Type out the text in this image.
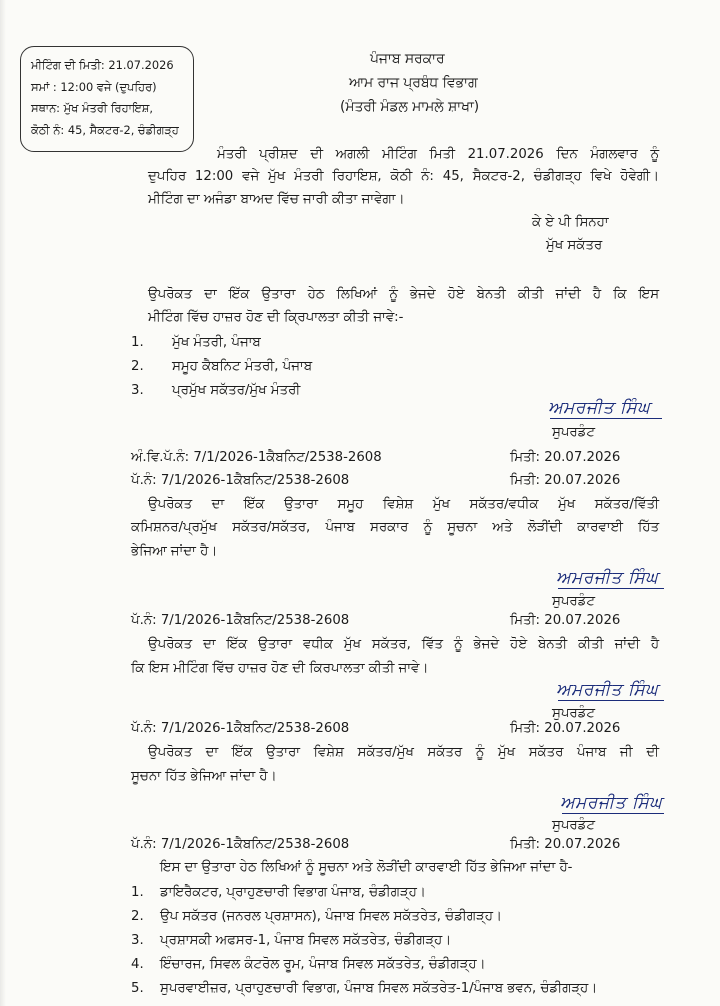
ਮੀਟਿੰਗ ਦੀ ਮਿਤੀ: 21.07.2026
ਸਮਾਂ : 12:00 ਵਜੇ (ਦੁਪਹਿਰ)
ਸਥਾਨ: ਮੁੱਖ ਮੰਤਰੀ ਰਿਹਾਇਸ਼,
ਕੋਠੀ ਨੰ: 45, ਸੈਕਟਰ-2, ਚੰਡੀਗੜ੍ਹ
ਪੰਜਾਬ ਸਰਕਾਰ
ਆਮ ਰਾਜ ਪ੍ਰਬੰਧ ਵਿਭਾਗ
(ਮੰਤਰੀ ਮੰਡਲ ਮਾਮਲੇ ਸ਼ਾਖਾ)
ਮੰਤਰੀ ਪ੍ਰੀਸ਼ਦ ਦੀ ਅਗਲੀ ਮੀਟਿੰਗ ਮਿਤੀ 21.07.2026 ਦਿਨ ਮੰਗਲਵਾਰ ਨੂੰ
ਦੁਪਹਿਰ 12:00 ਵਜੇ ਮੁੱਖ ਮੰਤਰੀ ਰਿਹਾਇਸ਼, ਕੋਠੀ ਨੰ: 45, ਸੈਕਟਰ-2, ਚੰਡੀਗੜ੍ਹ ਵਿਖੇ ਹੋਵੇਗੀ।
ਮੀਟਿੰਗ ਦਾ ਅਜੰਡਾ ਬਾਅਦ ਵਿੱਚ ਜਾਰੀ ਕੀਤਾ ਜਾਵੇਗਾ।
ਕੇ ਏ ਪੀ ਸਿਨਹਾ
ਮੁੱਖ ਸਕੱਤਰ
ਉਪਰੋਕਤ ਦਾ ਇੱਕ ਉਤਾਰਾ ਹੇਠ ਲਿਖਿਆਂ ਨੂੰ ਭੇਜਦੇ ਹੋਏ ਬੇਨਤੀ ਕੀਤੀ ਜਾਂਦੀ ਹੈ ਕਿ ਇਸ
ਮੀਟਿੰਗ ਵਿੱਚ ਹਾਜ਼ਰ ਹੋਣ ਦੀ ਕ੍ਰਿਪਾਲਤਾ ਕੀਤੀ ਜਾਵੇ:-
1. ਮੁੱਖ ਮੰਤਰੀ, ਪੰਜਾਬ
2. ਸਮੂਹ ਕੈਬਨਿਟ ਮੰਤਰੀ, ਪੰਜਾਬ
3. ਪ੍ਰਮੁੱਖ ਸਕੱਤਰ/ਮੁੱਖ ਮੰਤਰੀ
ਅਮਰਜੀਤ ਸਿੰਘ
ਸੁਪਰਡੰਟ
ਅੰ.ਵਿ.ਪੱ.ਨੰ: 7/1/2026-1ਕੈਬਨਿਟ/2538-2608	ਮਿਤੀ: 20.07.2026
ਪੱ.ਨੰ: 7/1/2026-1ਕੈਬਨਿਟ/2538-2608	ਮਿਤੀ: 20.07.2026
ਉਪਰੋਕਤ ਦਾ ਇੱਕ ਉਤਾਰਾ ਸਮੂਹ ਵਿਸ਼ੇਸ਼ ਮੁੱਖ ਸਕੱਤਰ/ਵਧੀਕ ਮੁੱਖ ਸਕੱਤਰ/ਵਿੱਤੀ
ਕਮਿਸ਼ਨਰ/ਪ੍ਰਮੁੱਖ ਸਕੱਤਰ/ਸਕੱਤਰ, ਪੰਜਾਬ ਸਰਕਾਰ ਨੂੰ ਸੂਚਨਾ ਅਤੇ ਲੋੜੀਂਦੀ ਕਾਰਵਾਈ ਹਿੱਤ
ਭੇਜਿਆ ਜਾਂਦਾ ਹੈ।
ਅਮਰਜੀਤ ਸਿੰਘ
ਸੁਪਰਡੰਟ
ਪੱ.ਨੰ: 7/1/2026-1ਕੈਬਨਿਟ/2538-2608	ਮਿਤੀ: 20.07.2026
ਉਪਰੋਕਤ ਦਾ ਇੱਕ ਉਤਾਰਾ ਵਧੀਕ ਮੁੱਖ ਸਕੱਤਰ, ਵਿੱਤ ਨੂੰ ਭੇਜਦੇ ਹੋਏ ਬੇਨਤੀ ਕੀਤੀ ਜਾਂਦੀ ਹੈ
ਕਿ ਇਸ ਮੀਟਿੰਗ ਵਿੱਚ ਹਾਜ਼ਰ ਹੋਣ ਦੀ ਕਿਰਪਾਲਤਾ ਕੀਤੀ ਜਾਵੇ।
ਅਮਰਜੀਤ ਸਿੰਘ
ਸੁਪਰਡੰਟ
ਪੱ.ਨੰ: 7/1/2026-1ਕੈਬਨਿਟ/2538-2608	ਮਿਤੀ: 20.07.2026
ਉਪਰੋਕਤ ਦਾ ਇੱਕ ਉਤਾਰਾ ਵਿਸ਼ੇਸ਼ ਸਕੱਤਰ/ਮੁੱਖ ਸਕੱਤਰ ਨੂੰ ਮੁੱਖ ਸਕੱਤਰ ਪੰਜਾਬ ਜੀ ਦੀ
ਸੂਚਨਾ ਹਿੱਤ ਭੇਜਿਆ ਜਾਂਦਾ ਹੈ।
ਅਮਰਜੀਤ ਸਿੰਘ
ਸੁਪਰਡੰਟ
ਪੱ.ਨੰ: 7/1/2026-1ਕੈਬਨਿਟ/2538-2608	ਮਿਤੀ: 20.07.2026
ਇਸ ਦਾ ਉਤਾਰਾ ਹੇਠ ਲਿਖਿਆਂ ਨੂੰ ਸੂਚਨਾ ਅਤੇ ਲੋੜੀਂਦੀ ਕਾਰਵਾਈ ਹਿੱਤ ਭੇਜਿਆ ਜਾਂਦਾ ਹੈ-
1. ਡਾਇਰੈਕਟਰ, ਪ੍ਰਾਹੁਣਚਾਰੀ ਵਿਭਾਗ ਪੰਜਾਬ, ਚੰਡੀਗੜ੍ਹ।
2. ਉਪ ਸਕੱਤਰ (ਜਨਰਲ ਪ੍ਰਸ਼ਾਸਨ), ਪੰਜਾਬ ਸਿਵਲ ਸਕੱਤਰੇਤ, ਚੰਡੀਗੜ੍ਹ।
3. ਪ੍ਰਸ਼ਾਸਕੀ ਅਫਸਰ-1, ਪੰਜਾਬ ਸਿਵਲ ਸਕੱਤਰੇਤ, ਚੰਡੀਗੜ੍ਹ।
4. ਇੰਚਾਰਜ, ਸਿਵਲ ਕੰਟਰੋਲ ਰੂਮ, ਪੰਜਾਬ ਸਿਵਲ ਸਕੱਤਰੇਤ, ਚੰਡੀਗੜ੍ਹ।
5. ਸੁਪਰਵਾਈਜ਼ਰ, ਪ੍ਰਾਹੁਣਚਾਰੀ ਵਿਭਾਗ, ਪੰਜਾਬ ਸਿਵਲ ਸਕੱਤਰੇਤ-1/ਪੰਜਾਬ ਭਵਨ, ਚੰਡੀਗੜ੍ਹ।
